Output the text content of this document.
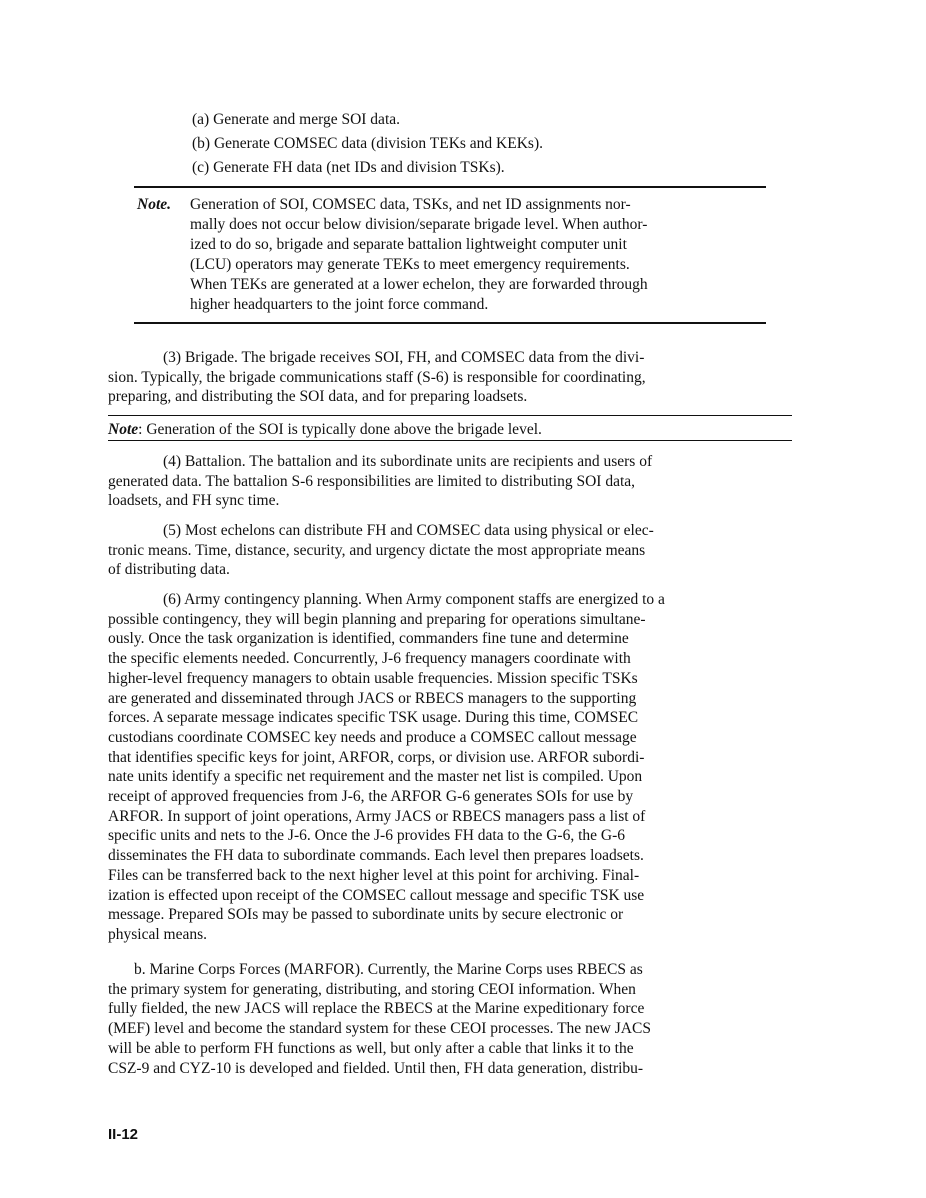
(a) Generate and merge SOI data.
(b) Generate COMSEC data (division TEKs and KEKs).
(c) Generate FH data (net IDs and division TSKs).
Note. Generation of SOI, COMSEC data, TSKs, and net ID assignments nor-
mally does not occur below division/separate brigade level. When author-
ized to do so, brigade and separate battalion lightweight computer unit
(LCU) operators may generate TEKs to meet emergency requirements.
When TEKs are generated at a lower echelon, they are forwarded through
higher headquarters to the joint force command.
(3) Brigade. The brigade receives SOI, FH, and COMSEC data from the divi-
sion. Typically, the brigade communications staff (S-6) is responsible for coordinating,
preparing, and distributing the SOI data, and for preparing loadsets.
Note: Generation of the SOI is typically done above the brigade level.
(4) Battalion. The battalion and its subordinate units are recipients and users of
generated data. The battalion S-6 responsibilities are limited to distributing SOI data,
loadsets, and FH sync time.
(5) Most echelons can distribute FH and COMSEC data using physical or elec-
tronic means. Time, distance, security, and urgency dictate the most appropriate means
of distributing data.
(6) Army contingency planning. When Army component staffs are energized to a
possible contingency, they will begin planning and preparing for operations simultane-
ously. Once the task organization is identified, commanders fine tune and determine
the specific elements needed. Concurrently, J-6 frequency managers coordinate with
higher-level frequency managers to obtain usable frequencies. Mission specific TSKs
are generated and disseminated through JACS or RBECS managers to the supporting
forces. A separate message indicates specific TSK usage. During this time, COMSEC
custodians coordinate COMSEC key needs and produce a COMSEC callout message
that identifies specific keys for joint, ARFOR, corps, or division use. ARFOR subordi-
nate units identify a specific net requirement and the master net list is compiled. Upon
receipt of approved frequencies from J-6, the ARFOR G-6 generates SOIs for use by
ARFOR. In support of joint operations, Army JACS or RBECS managers pass a list of
specific units and nets to the J-6. Once the J-6 provides FH data to the G-6, the G-6
disseminates the FH data to subordinate commands. Each level then prepares loadsets.
Files can be transferred back to the next higher level at this point for archiving. Final-
ization is effected upon receipt of the COMSEC callout message and specific TSK use
message. Prepared SOIs may be passed to subordinate units by secure electronic or
physical means.
b. Marine Corps Forces (MARFOR). Currently, the Marine Corps uses RBECS as
the primary system for generating, distributing, and storing CEOI information. When
fully fielded, the new JACS will replace the RBECS at the Marine expeditionary force
(MEF) level and become the standard system for these CEOI processes. The new JACS
will be able to perform FH functions as well, but only after a cable that links it to the
CSZ-9 and CYZ-10 is developed and fielded. Until then, FH data generation, distribu-
II-12
